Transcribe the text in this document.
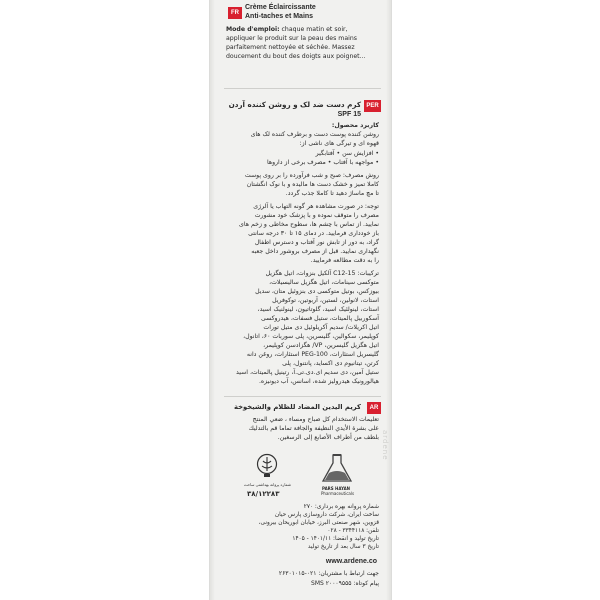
FR
Crème Éclaircissante
Anti-taches et Mains
Mode d'emploi: chaque matin et soir,
appliquer le produit sur la peau des mains
parfaitement nettoyée et séchée. Massez
doucement du bout des doigts aux poignet...
کرم دست ضد لک و روشن کننده آردن PER
SPF 15
کاربرد محصول:
روشن کننده پوست دست و برطرف کننده لک های
قهوه ای و تیرگی های ناشی از:
• افزایش سن • آفتابگیر
• مواجهه با آفتاب • مصرف برخی از داروها
روش مصرف: صبح و شب فرآورده را بر روی پوست
کاملا تمیز و خشک دست ها مالیده و با نوک انگشتان
تا مچ ماساژ دهید تا کاملا جذب گردد.
توجه: در صورت مشاهده هر گونه التهاب یا آلرژی
مصرف را متوقف نموده و با پزشک خود مشورت
نمایید. از تماس با چشم ها، سطوح مخاطی و زخم های
باز خودداری فرمایید. در دمای ۱۵ تا ۳۰ درجه سانتی
گراد، به دور از تابش نور آفتاب و دسترس اطفال
نگهداری نمایید. قبل از مصرف بروشور داخل جعبه
را به دقت مطالعه فرمایید.
ترکیبات: C12-15 آلکیل بنزوات، اتیل هگزیل
متوکسی سینامات، اتیل هگزیل سالیسیلات،
بیوزکس، بوتیل متوکسی دی بنزوئیل متان، سدیل
استات، لانولین، لستین، آربوتین، توکوفریل
استات، لینولئیک اسید، گلوتاتیون، لینولنیک اسید،
آسکوربیل پالمیتات، ستیل فسفات، هیدروکسی
اتیل اکریلات/ سدیم آکریلوئیل دی متیل تورات
کوپلیمر، سکوالین، گلیسرین، پلی سوربات ۶۰، اتانول،
اتیل هگزیل گلیسرین، VP/ هگزادسن کوپلیمر،
گلیسریل استئارات، PEG-100 استئارات، روغن دانه
کرتن، تیتانیوم دی اکساید، پانتنول، پلی
ستیل آمین، دی سدیم ای.دی.تی.آ، رتینیل پالمیتات، اسید
هیالورونیک هیدرولیز شده، اسانس، آب دیونیزه.
كريم اليدين المضاد للظلام والشيخوخة	AR
تعليمات الاستخدام كل صباح ومساء ، ضعي المنتج
على بشرة الأيدي النظيفة والجافة تماما قم بالتدليك
بلطف من أطراف الأصابع إلى الرسغين.
شماره پروانه بهداشتی ساخت
۳۸/۱۲۲۸۳
PARS HAYAN
Pharmaceuticals
ardene
شماره پروانه بهره برداری: ۲۷۰
ساخت ایران، شرکت داروسازی پارس حیان
قزوین، شهر صنعتی البرز، خیابان ابوریحان بیرونی،
تلفن: ۳۳۴۴۱۱۸ - ۰۲۸
تاریخ تولید و انقضا: ۱۴۰۱/۱۱ - ۱۴۰۵
تاریخ ۳ سال بعد از تاریخ تولید
www.ardene.co
جهت ارتباط با مشتریان: ۰۲۱-۲۶۳۰۱۰۱۵
پیام کوتاه: SMS ۲۰۰۰۹۵۵۵
